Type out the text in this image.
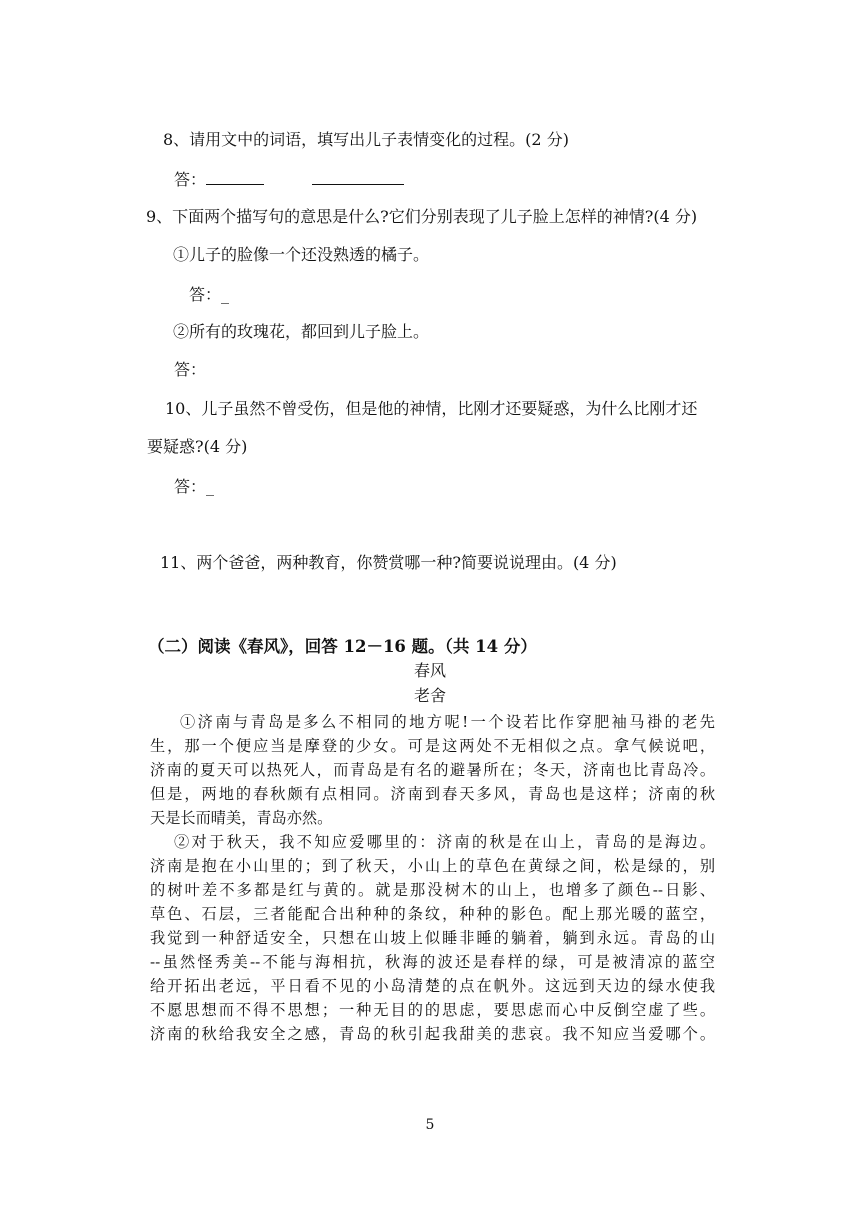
8、请用文中的词语，填写出儿子表情变化的过程。(2 分)
答：
9、下面两个描写句的意思是什么?它们分别表现了儿子脸上怎样的神情?(4 分)
①儿子的脸像一个还没熟透的橘子。
答：_
②所有的玫瑰花，都回到儿子脸上。
答：
10、儿子虽然不曾受伤，但是他的神情，比刚才还要疑惑，为什么比刚才还
要疑惑?(4 分)
答：_
11、两个爸爸，两种教育，你赞赏哪一种?简要说说理由。(4 分)
（二）阅读《春风》，回答 12－16 题。（共 14 分）
春风
老舍
①济南与青岛是多么不相同的地方呢!一个设若比作穿肥袖马褂的老先
生，那一个便应当是摩登的少女。可是这两处不无相似之点。拿气候说吧，
济南的夏天可以热死人，而青岛是有名的避暑所在；冬天，济南也比青岛冷。
但是，两地的春秋颇有点相同。济南到春天多风，青岛也是这样；济南的秋
天是长而晴美，青岛亦然。
②对于秋天，我不知应爱哪里的：济南的秋是在山上，青岛的是海边。
济南是抱在小山里的；到了秋天，小山上的草色在黄绿之间，松是绿的，别
的树叶差不多都是红与黄的。就是那没树木的山上，也增多了颜色--日影、
草色、石层，三者能配合出种种的条纹，种种的影色。配上那光暖的蓝空，
我觉到一种舒适安全，只想在山坡上似睡非睡的躺着，躺到永远。青岛的山
--虽然怪秀美--不能与海相抗，秋海的波还是春样的绿，可是被清凉的蓝空
给开拓出老远，平日看不见的小岛清楚的点在帆外。这远到天边的绿水使我
不愿思想而不得不思想；一种无目的的思虑，要思虑而心中反倒空虚了些。
济南的秋给我安全之感，青岛的秋引起我甜美的悲哀。我不知应当爱哪个。
5
